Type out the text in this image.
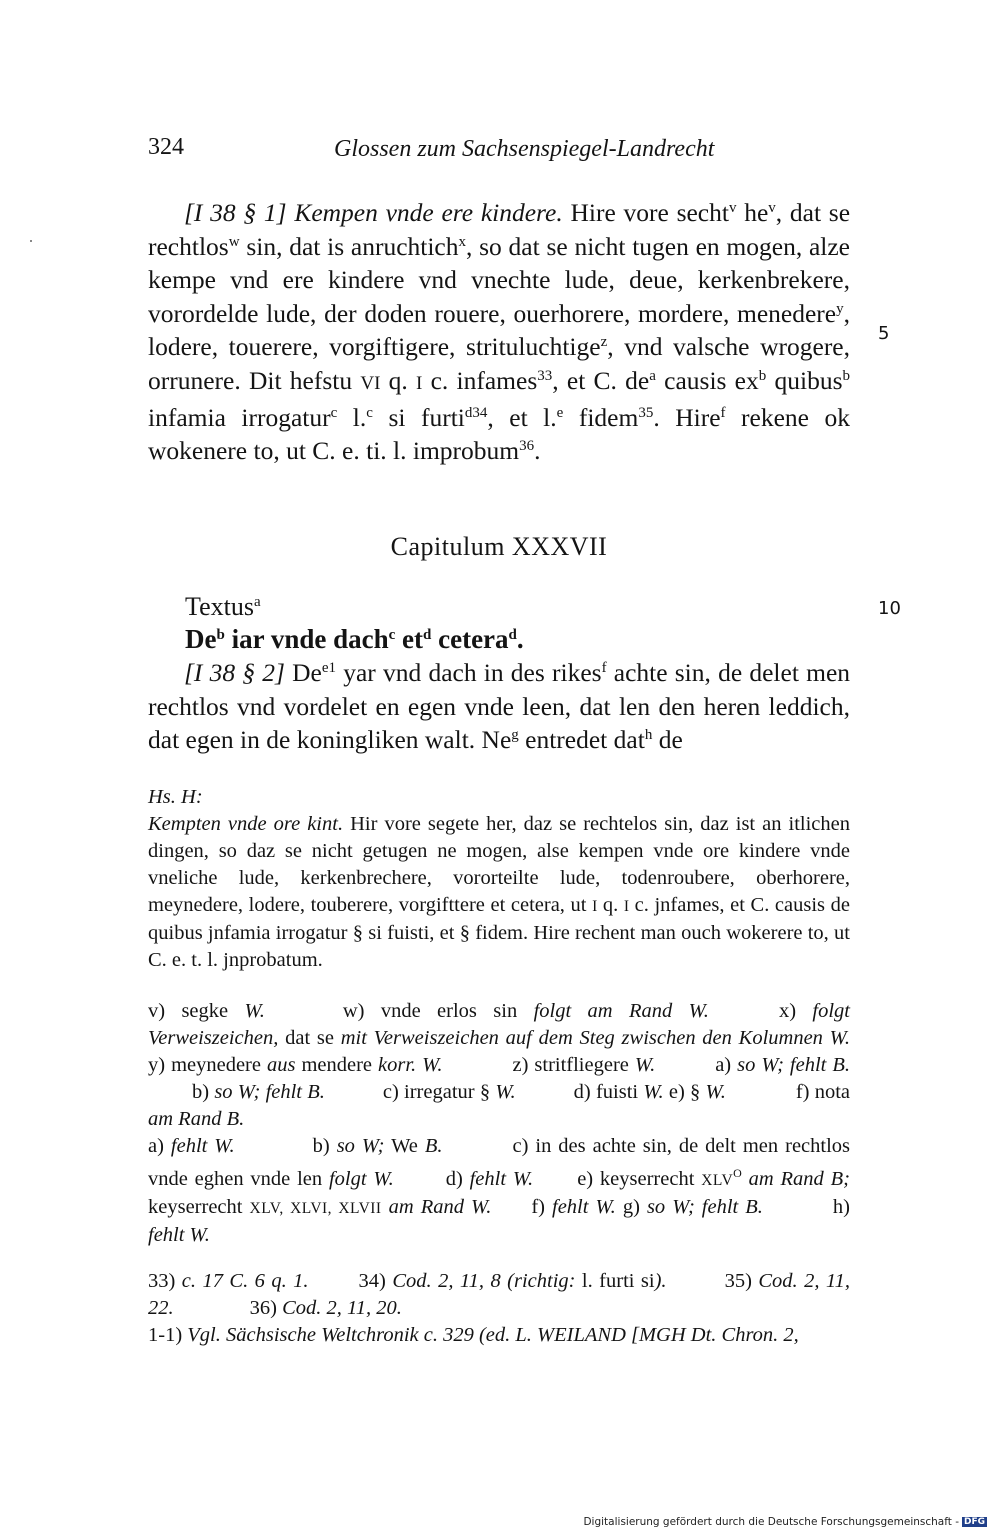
324	Glossen zum Sachsenspiegel-Landrecht

[I 38 § 1] Kempen vnde ere kindere. Hire vore secht$^v$ $he^v$, dat se rechtlos$^w$ sin, dat is anruchtich$^x$, so dat se nicht tugen en mogen, alze kempe vnd ere kindere vnd vnechte lude, deue, kerkenbrekere, vorordelde lude, der doden rouere, ouerhorere, mordere, menedere$^y$, lodere, touerere, vorgiftigere, strituluchtige$^z$, vnd valsche wrogere, orrunere. Dit hefstu VI q. I c. infames$^{33}$, et C. $de^a$ causis $ex^b$ quibus$^b$ infamia irrogatur$^c$ l.$^c$ si furti$^{d34}$, et l.$^e$ fidem$^{35}$. Hire$^f$ rekene ok wokenere to, ut C. e. ti. l. improbum$^{36}$.

5
10
Capitulum XXXVII
Textus$^a$
De$^b$ iar vnde dach$^c$ $et^d$ cetera$^d$.

[I 38 § 2] $De^{e1}$ yar vnd dach in des rikes$^f$ achte sin, de delet men rechtlos vnd vordelet en egen vnde leen, dat len den heren leddich, dat egen in de koningliken walt. Ne$^g$ entredet dat$^h$ de

Hs. H:

Kempten vnde ore kint. Hir vore segete her, daz se rechtelos sin, daz ist an itlichen dingen, so daz se nicht getugen ne mogen, alse kempen vnde ore kindere vnde vneliche lude, kerkenbrechere, vororteilte lude, todenroubere, oberhorere, meynedere, lodere, touberere, vorgifttere et cetera, ut I q. I c. jnfames, et C. causis de quibus jnfamia irrogatur § si fuisti, et § fidem. Hire rechent man ouch wokerere to, ut C. e. t. l. jnprobatum.

v) segke W.	w) vnde erlos sin folgt am Rand W.	x) folgt Verweiszeichen, dat se mit Verweiszeichen auf dem Steg zwischen den Kolumnen W. y) meynedere aus mendere korr. W.	z) stritfliegere W.	a) so W; fehlt B.b) so W; fehlt B.	c) irregatur § W.	d) fuisti W. e) § W.	f) nota am Rand B.

a) fehlt W.	b) so W; We B.	c) in des achte sin, de delt men rechtlos vnde eghen vnde len folgt W.	d) fehlt W. e) keyserrecht $XLV^O$ am Rand B; keyserrecht XLV, XLVI, XLVII am Rand W. f) fehlt W. g) so W; fehlt B.	h) fehlt W.

33) c. 17 C. 6 q. 1. 34) Cod. 2, 11, 8 (richtig: l. furti si).	35) Cod. 2, 11, 22.	36) Cod. 2, 11, 20.
1-1) Vgl. Sächsische Weltchronik c. 329 (ed. L. WEILAND [MGH Dt. Chron. 2,

Digitalisierung gefördert durch die Deutsche Forschungsgemeinschaft - DFG
